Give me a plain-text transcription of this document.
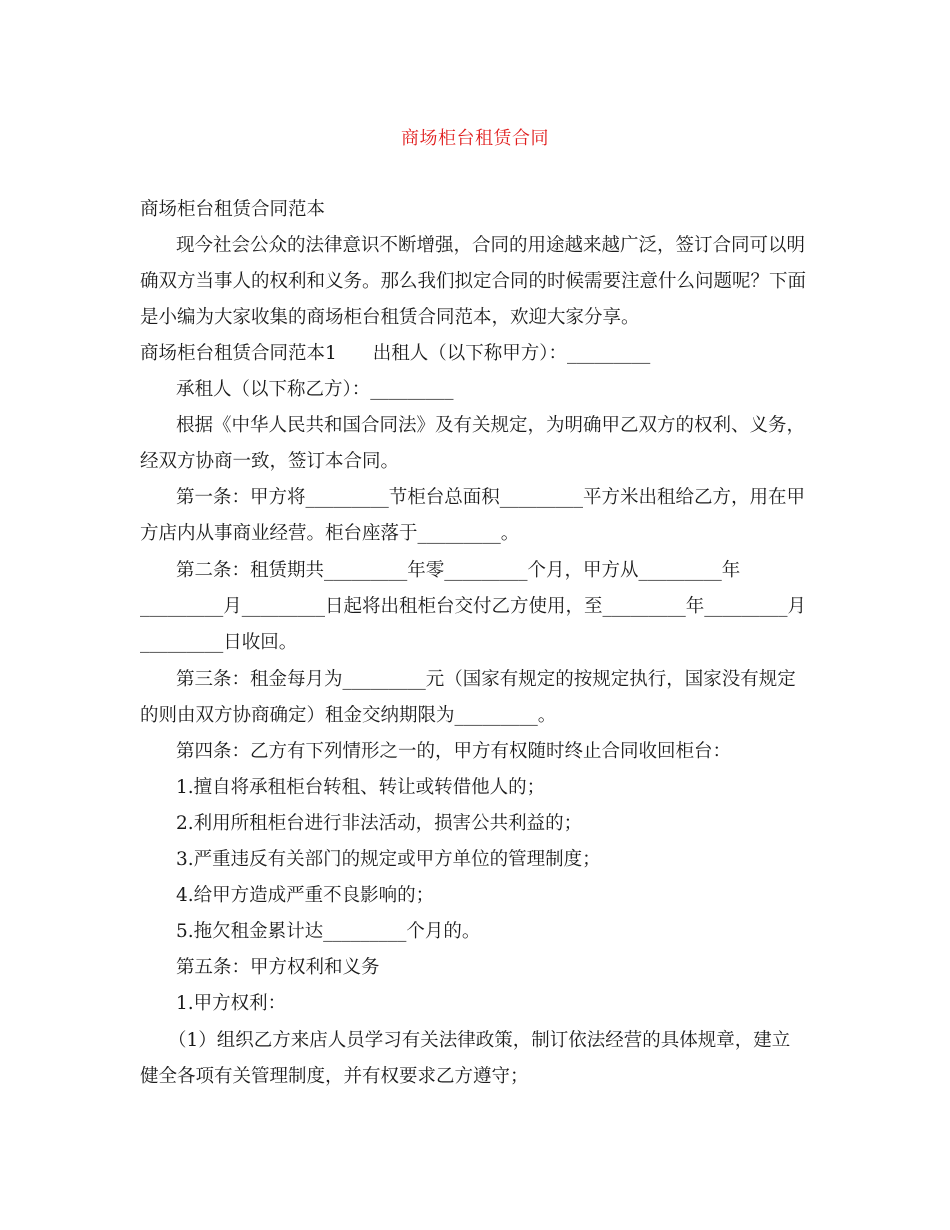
商场柜台租赁合同
商场柜台租赁合同范本
现今社会公众的法律意识不断增强，合同的用途越来越广泛，签订合同可以明
确双方当事人的权利和义务。那么我们拟定合同的时候需要注意什么问题呢？下面
是小编为大家收集的商场柜台租赁合同范本，欢迎大家分享。
商场柜台租赁合同范本1 出租人（以下称甲方）：_________
承租人（以下称乙方）：_________
根据《中华人民共和国合同法》及有关规定，为明确甲乙双方的权利、义务，
经双方协商一致，签订本合同。
第一条：甲方将_________节柜台总面积_________平方米出租给乙方，用在甲
方店内从事商业经营。柜台座落于_________。
第二条：租赁期共_________年零_________个月，甲方从_________年
_________月_________日起将出租柜台交付乙方使用，至_________年_________月
_________日收回。
第三条：租金每月为_________元（国家有规定的按规定执行，国家没有规定
的则由双方协商确定）租金交纳期限为_________。
第四条：乙方有下列情形之一的，甲方有权随时终止合同收回柜台：
1.擅自将承租柜台转租、转让或转借他人的；
2.利用所租柜台进行非法活动，损害公共利益的；
3.严重违反有关部门的规定或甲方单位的管理制度；
4.给甲方造成严重不良影响的；
5.拖欠租金累计达_________个月的。
第五条：甲方权利和义务
1.甲方权利：
（1）组织乙方来店人员学习有关法律政策，制订依法经营的具体规章，建立
健全各项有关管理制度，并有权要求乙方遵守；
